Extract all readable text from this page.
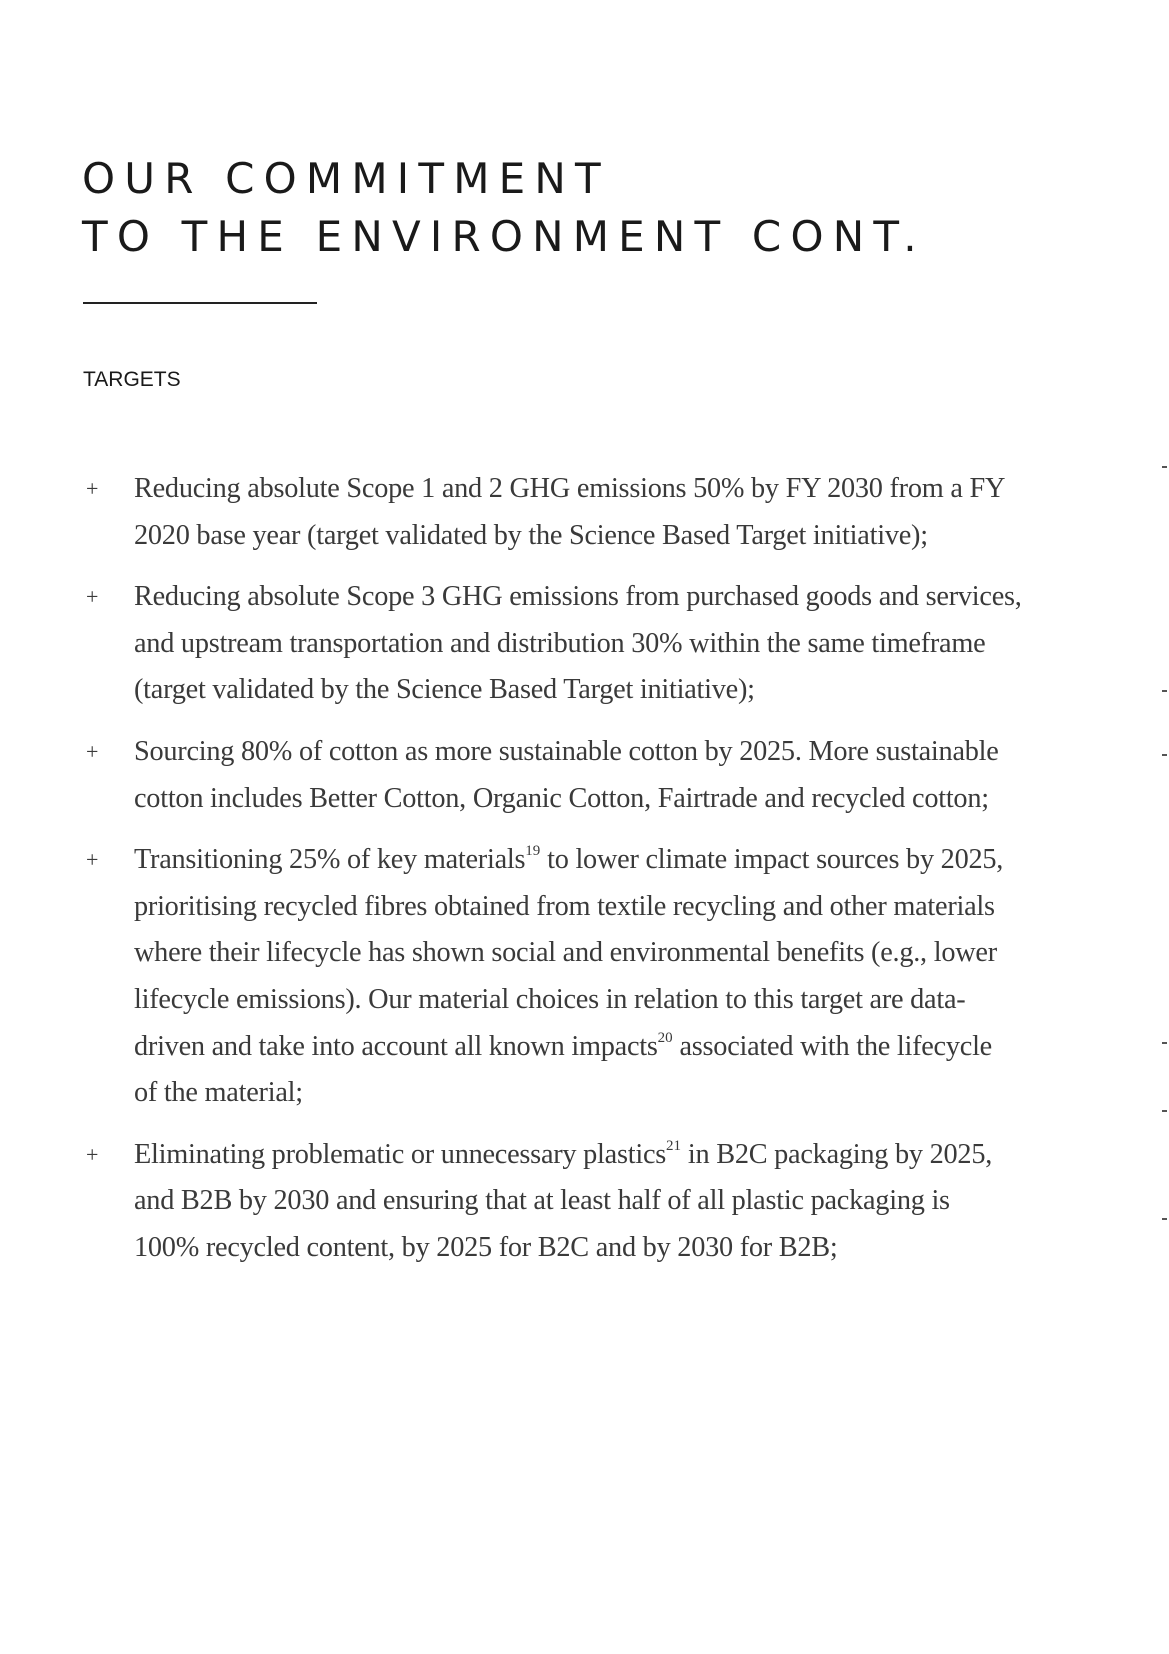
OUR COMMITMENT
TO THE ENVIRONMENT CONT.
TARGETS
+ Reducing absolute Scope 1 and 2 GHG emissions 50% by FY 2030 from a FY
2020 base year (target validated by the Science Based Target initiative);
+ Reducing absolute Scope 3 GHG emissions from purchased goods and services,
and upstream transportation and distribution 30% within the same timeframe
(target validated by the Science Based Target initiative);
+ Sourcing 80% of cotton as more sustainable cotton by 2025. More sustainable
cotton includes Better Cotton, Organic Cotton, Fairtrade and recycled cotton;
+ Transitioning 25% of key materials$^{19}$ to lower climate impact sources by 2025,
prioritising recycled fibres obtained from textile recycling and other materials
where their lifecycle has shown social and environmental benefits (e.g., lower
lifecycle emissions). Our material choices in relation to this target are data-
driven and take into account all known impacts$^{20}$ associated with the lifecycle
of the material;
+ Eliminating problematic or unnecessary plastics$^{21}$ in B2C packaging by 2025,
and B2B by 2030 and ensuring that at least half of all plastic packaging is
100% recycled content, by 2025 for B2C and by 2030 for B2B;
